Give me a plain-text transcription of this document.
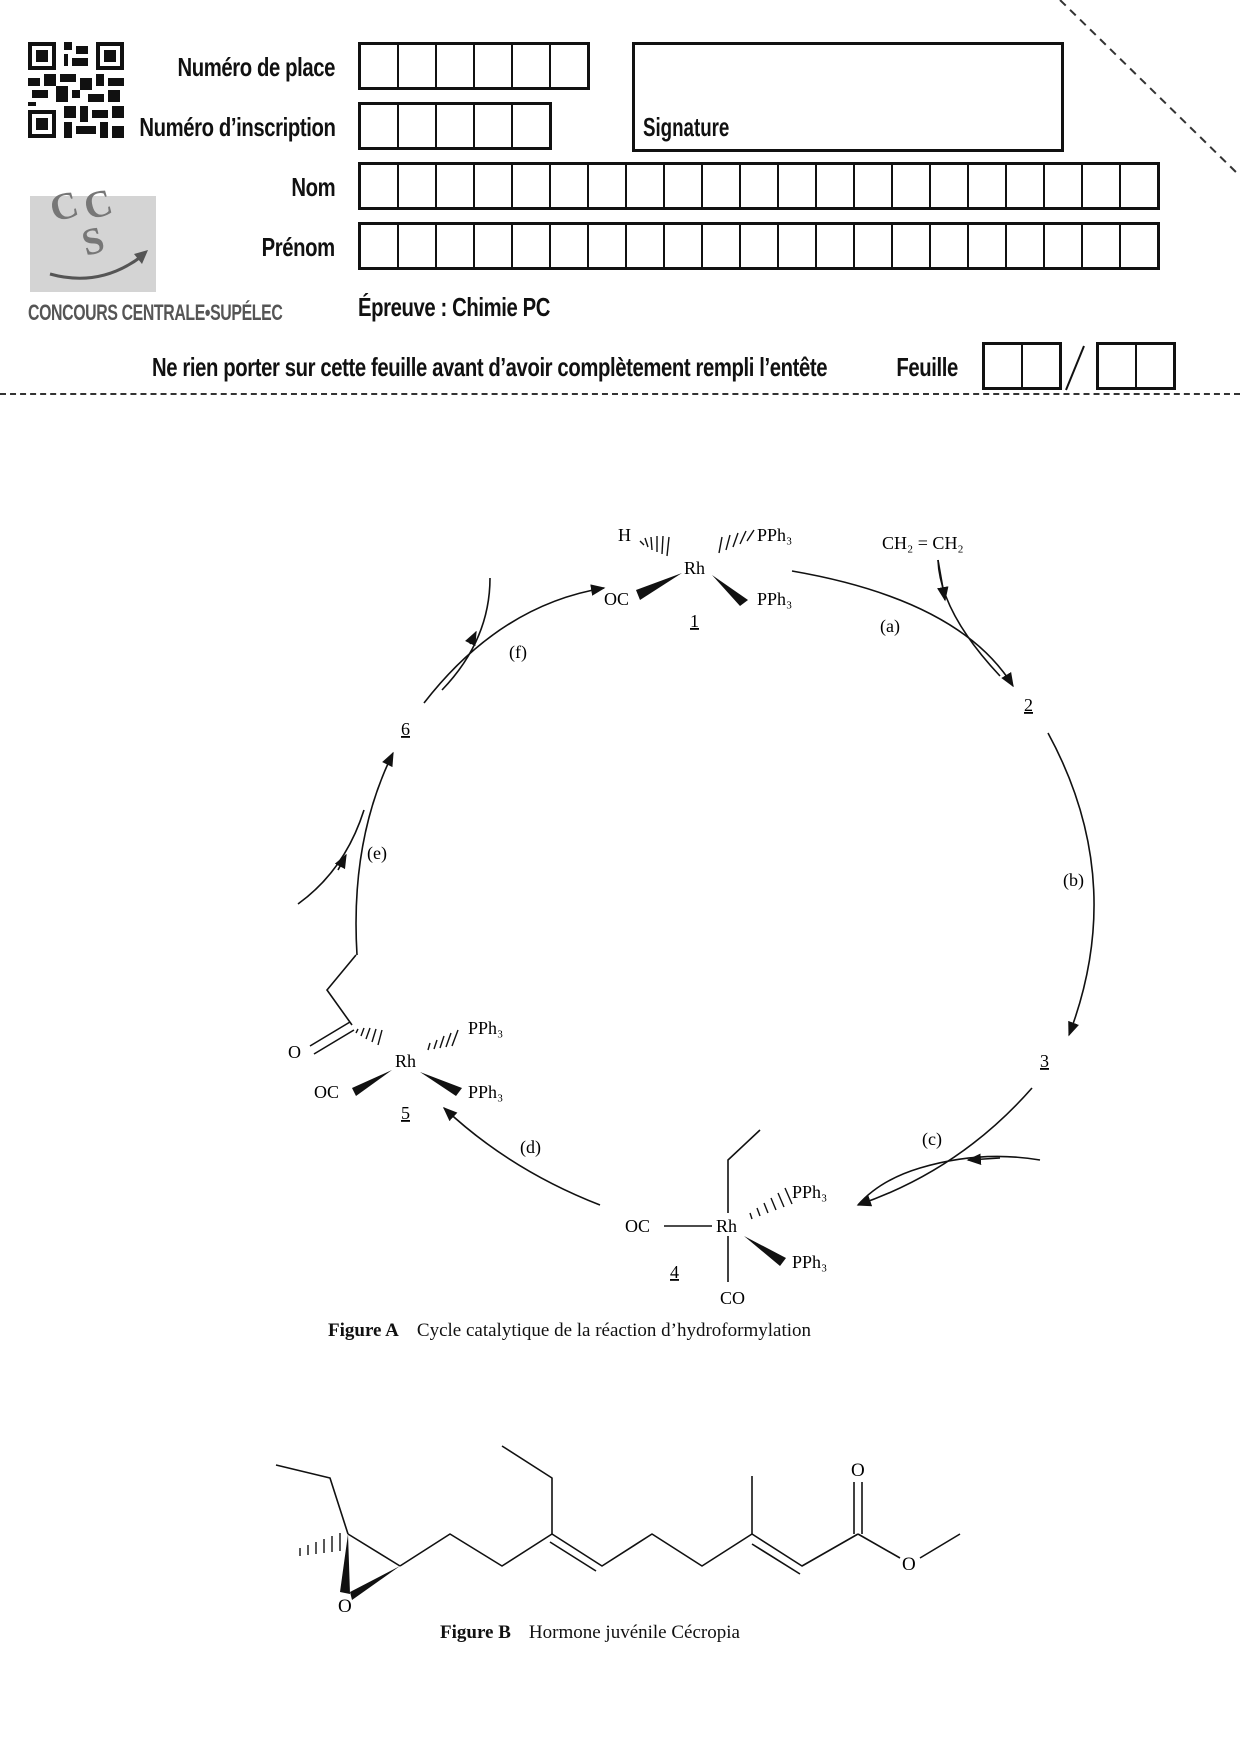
C
C
S
CONCOURS CENTRALE•SUPÉLEC
Numéro de place
Numéro d’inscription
Nom
Prénom
Signature
Épreuve : Chimie PC
Ne rien porter sur cette feuille avant d’avoir complètement rempli l’entête	Feuille
H
Rh
PPh₃
OC	PPh₃
1
CH₂ = CH₂
2
3
6
(a)
(b)
(c)
(d)
(e)
(f)
OC	Rh
PPh₃
PPh₃
CO
4
O	Rh
PPh₃
OC	PPh₃
5
Figure A Cycle catalytique de la réaction d’hydroformylation
O
O
O
Figure B Hormone juvénile Cécropia
